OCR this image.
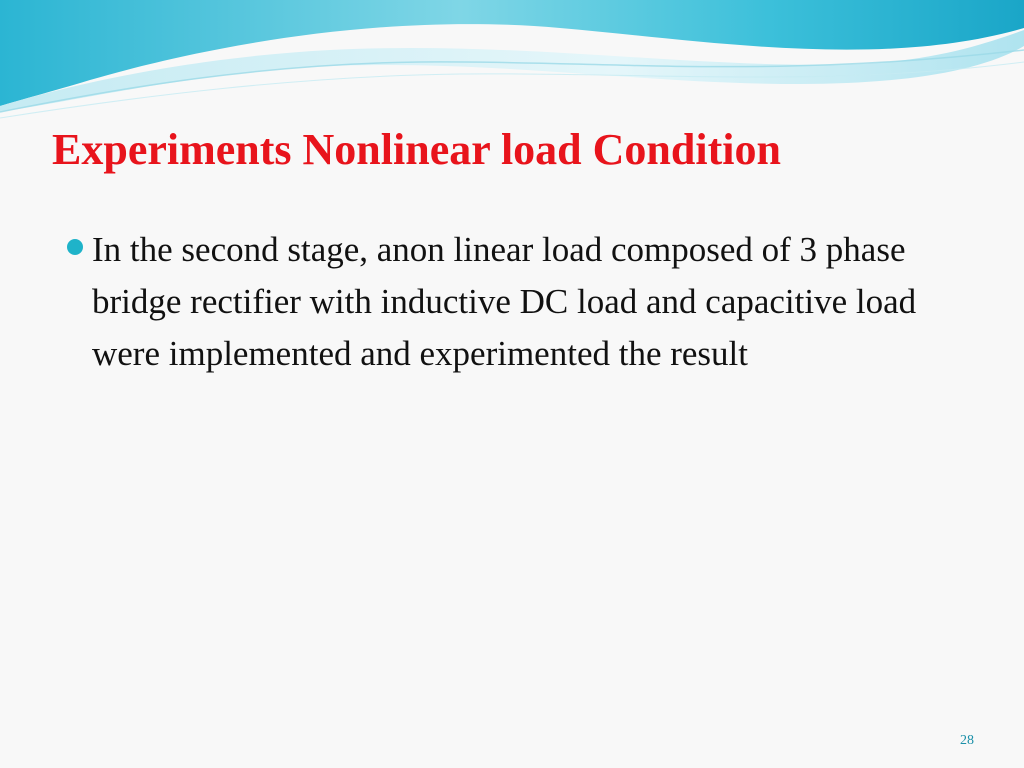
Experiments Nonlinear load Condition
In the second stage, anon linear load composed of 3 phase bridge rectifier with inductive DC load and capacitive load were implemented and experimented the result
28
